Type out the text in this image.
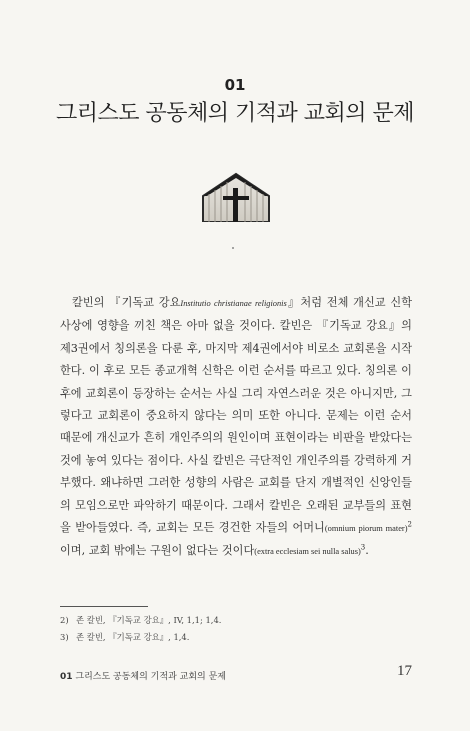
01
그리스도 공동체의 기적과 교회의 문제

칼빈의 『기독교 강요Institutio christianae religionis』처럼 전체 개신교 신학 사상에 영향을 끼친 책은 아마 없을 것이다. 칼빈은 『기독교 강요』의 제3권에서 칭의론을 다룬 후, 마지막 제4권에서야 비로소 교회론을 시작한다. 이 후로 모든 종교개혁 신학은 이런 순서를 따르고 있다. 칭의론 이후에 교회론이 등장하는 순서는 사실 그리 자연스러운 것은 아니지만, 그렇다고 교회론이 중요하지 않다는 의미 또한 아니다. 문제는 이런 순서 때문에 개신교가 흔히 개인주의의 원인이며 표현이라는 비판을 받았다는 것에 놓여 있다는 점이다. 사실 칼빈은 극단적인 개인주의를 강력하게 거부했다. 왜냐하면 그러한 성향의 사람은 교회를 단지 개별적인 신앙인들의 모임으로만 파악하기 때문이다. 그래서 칼빈은 오래된 교부들의 표현을 받아들였다. 즉, 교회는 모든 경건한 자들의 어머니(omnium piorum mater)$^2$이며, 교회 밖에는 구원이 없다는 것이다(extra ecclesiam sei nulla salus)$^3$.

2) 존 칼빈, 『기독교 강요』, IV, 1,1; 1,4.
3) 존 칼빈, 『기독교 강요』, 1,4.
01 그리스도 공동체의 기적과 교회의 문제	17
